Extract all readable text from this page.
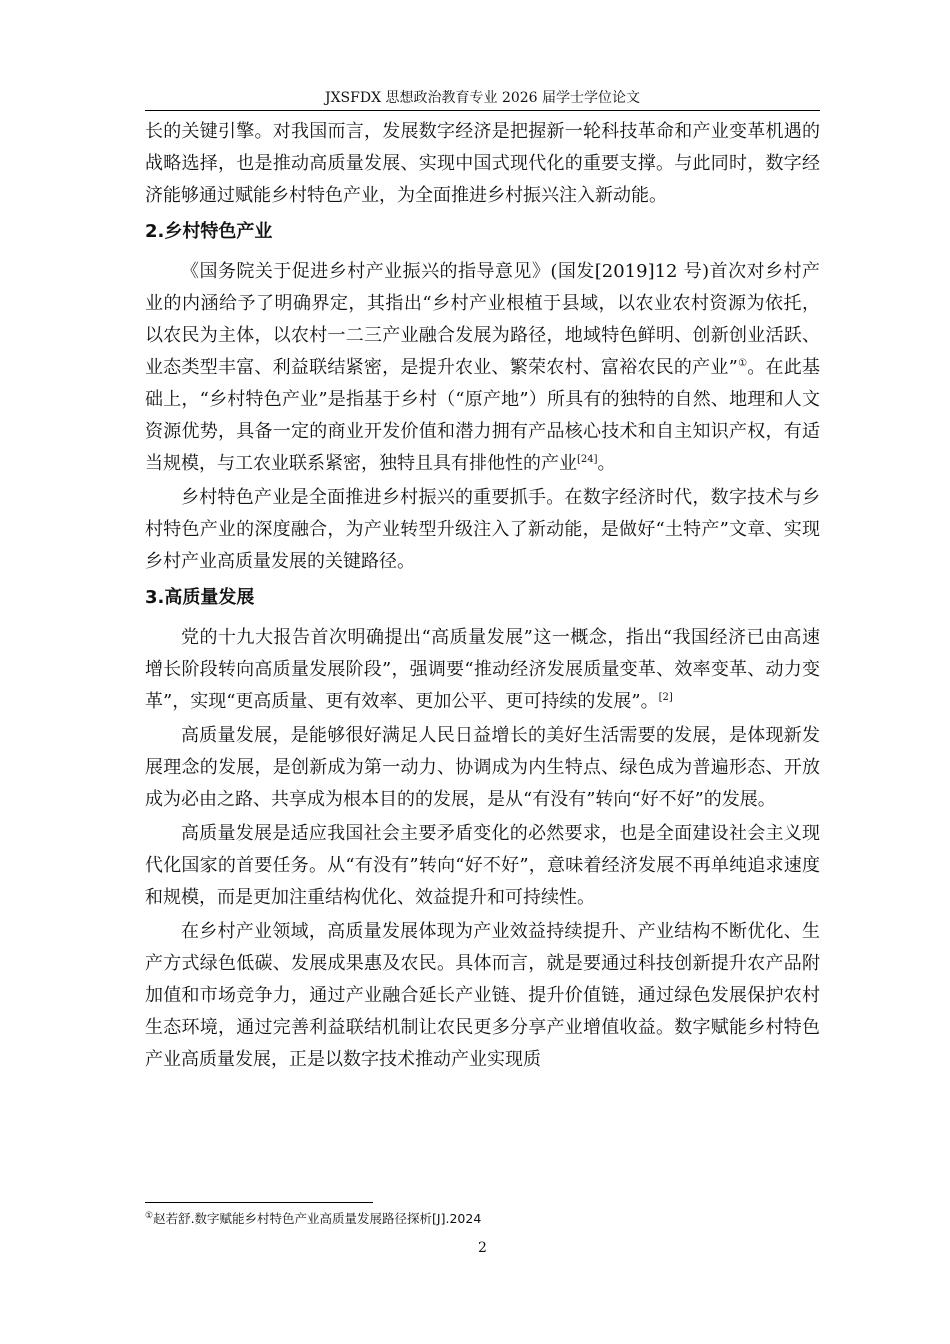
JXSFDX 思想政治教育专业 2026 届学士学位论文

长的关键引擎。对我国而言，发展数字经济是把握新一轮科技革命和产业变革机遇的战略选择，也是推动高质量发展、实现中国式现代化的重要支撑。与此同时，数字经济能够通过赋能乡村特色产业，为全面推进乡村振兴注入新动能。

2.乡村特色产业

《国务院关于促进乡村产业振兴的指导意见》(国发[2019]12 号)首次对乡村产业的内涵给予了明确界定，其指出“乡村产业根植于县域，以农业农村资源为依托，以农民为主体，以农村一二三产业融合发展为路径，地域特色鲜明、创新创业活跃、业态类型丰富、利益联结紧密，是提升农业、繁荣农村、富裕农民的产业”①。在此基础上，“乡村特色产业”是指基于乡村（“原产地”）所具有的独特的自然、地理和人文资源优势，具备一定的商业开发价值和潜力拥有产品核心技术和自主知识产权，有适当规模，与工农业联系紧密，独特且具有排他性的产业[24]。

乡村特色产业是全面推进乡村振兴的重要抓手。在数字经济时代，数字技术与乡村特色产业的深度融合，为产业转型升级注入了新动能，是做好“土特产”文章、实现乡村产业高质量发展的关键路径。

3.高质量发展

党的十九大报告首次明确提出“高质量发展”这一概念，指出“我国经济已由高速增长阶段转向高质量发展阶段”，强调要“推动经济发展质量变革、效率变革、动力变革”，实现“更高质量、更有效率、更加公平、更可持续的发展”。[2]

高质量发展，是能够很好满足人民日益增长的美好生活需要的发展，是体现新发展理念的发展，是创新成为第一动力、协调成为内生特点、绿色成为普遍形态、开放成为必由之路、共享成为根本目的的发展，是从“有没有”转向“好不好”的发展。

高质量发展是适应我国社会主要矛盾变化的必然要求，也是全面建设社会主义现代化国家的首要任务。从“有没有”转向“好不好”，意味着经济发展不再单纯追求速度和规模，而是更加注重结构优化、效益提升和可持续性。

在乡村产业领域，高质量发展体现为产业效益持续提升、产业结构不断优化、生产方式绿色低碳、发展成果惠及农民。具体而言，就是要通过科技创新提升农产品附加值和市场竞争力，通过产业融合延长产业链、提升价值链，通过绿色发展保护农村生态环境，通过完善利益联结机制让农民更多分享产业增值收益。数字赋能乡村特色产业高质量发展，正是以数字技术推动产业实现质

①赵若舒.数字赋能乡村特色产业高质量发展路径探析[J].2024
2
